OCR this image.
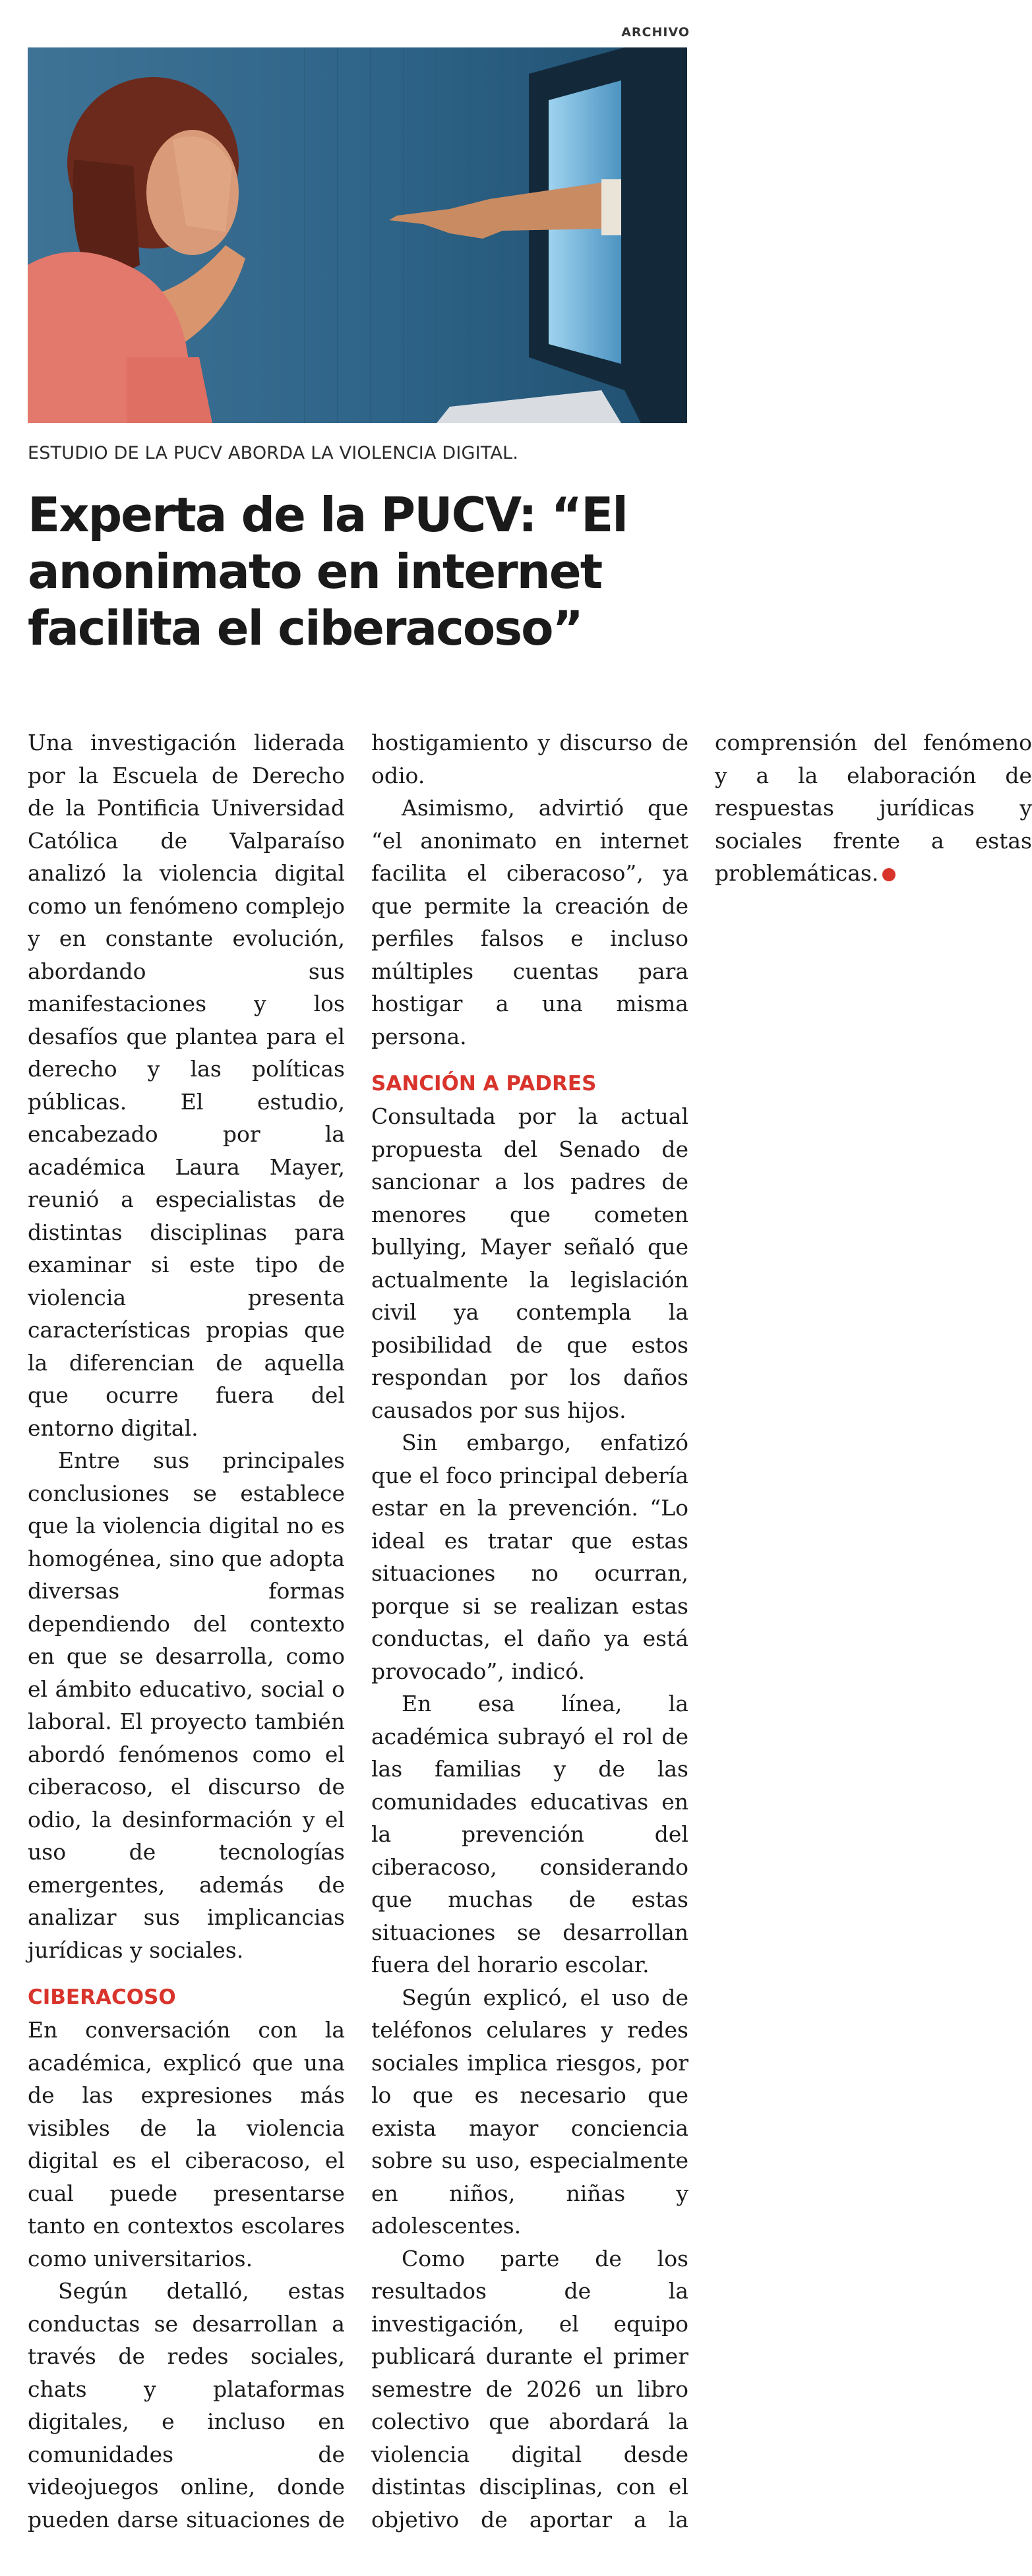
ARCHIVO
ESTUDIO DE LA PUCV ABORDA LA VIOLENCIA DIGITAL.
Experta de la PUCV: “El anonimato en internet facilita el ciberacoso”

Una investigación liderada por la Escuela de Derecho de la Pontificia Universidad Católica de Valparaíso analizó la violencia digital como un fenómeno complejo y en constante evolución, abordando sus manifestaciones y los desafíos que plantea para el derecho y las políticas públicas. El estudio, encabezado por la académica Laura Mayer, reunió a especialistas de distintas disciplinas para examinar si este tipo de violencia presenta características propias que la diferencian de aquella que ocurre fuera del entorno digital.

Entre sus principales conclusiones se establece que la violencia digital no es homogénea, sino que adopta diversas formas dependiendo del contexto en que se desarrolla, como el ámbito educativo, social o laboral. El proyecto también abordó fenómenos como el ciberacoso, el discurso de odio, la desinformación y el uso de tecnologías emergentes, además de analizar sus implicancias jurídicas y sociales.

CIBERACOSO

En conversación con la académica, explicó que una de las expresiones más visibles de la violencia digital es el ciberacoso, el cual puede presentarse tanto en contextos escolares como universitarios.

Según detalló, estas conductas se desarrollan a través de redes sociales, chats y plataformas digitales, e incluso en comunidades de videojuegos online, donde pueden darse situaciones de hostigamiento y discurso de odio.

Asimismo, advirtió que “el anonimato en internet facilita el ciberacoso”, ya que permite la creación de perfiles falsos e incluso múltiples cuentas para hostigar a una misma persona.

SANCIÓN A PADRES

Consultada por la actual propuesta del Senado de sancionar a los padres de menores que cometen bullying, Mayer señaló que actualmente la legislación civil ya contempla la posibilidad de que estos respondan por los daños causados por sus hijos.

Sin embargo, enfatizó que el foco principal debería estar en la prevención. “Lo ideal es tratar que estas situaciones no ocurran, porque si se realizan estas conductas, el daño ya está provocado”, indicó.

En esa línea, la académica subrayó el rol de las familias y de las comunidades educativas en la prevención del ciberacoso, considerando que muchas de estas situaciones se desarrollan fuera del horario escolar.

Según explicó, el uso de teléfonos celulares y redes sociales implica riesgos, por lo que es necesario que exista mayor conciencia sobre su uso, especialmente en niños, niñas y adolescentes.

Como parte de los resultados de la investigación, el equipo publicará durante el primer semestre de 2026 un libro colectivo que abordará la violencia digital desde distintas disciplinas, con el objetivo de aportar a la comprensión del fenómeno y a la elaboración de respuestas jurídicas y sociales frente a estas problemáticas.	✪
